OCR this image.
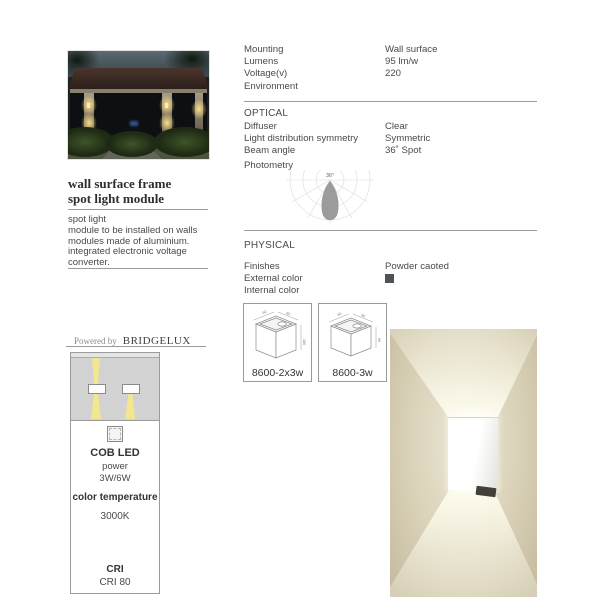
wall surface frame
spot light module
spot light
module to be installed on walls
modules made of aluminium.
integrated electronic voltage
converter.
Powered by BRIDGELUX
COB LED
power
3W/6W
color temperature
3000K
CRI
CRI 80
Mounting	Wall surface
Lumens	95 lm/w
Voltage(v)	220
Environment
OPTICAL
Diffuser	Clear
Light distribution symmetry	Symmetric
Beam angle	36˚ Spot
Photometry
36°
PHYSICAL
Finishes	Powder caoted
External color
Internal color
60	60
180
8600-2x3w
60	60
90
8600-3w
